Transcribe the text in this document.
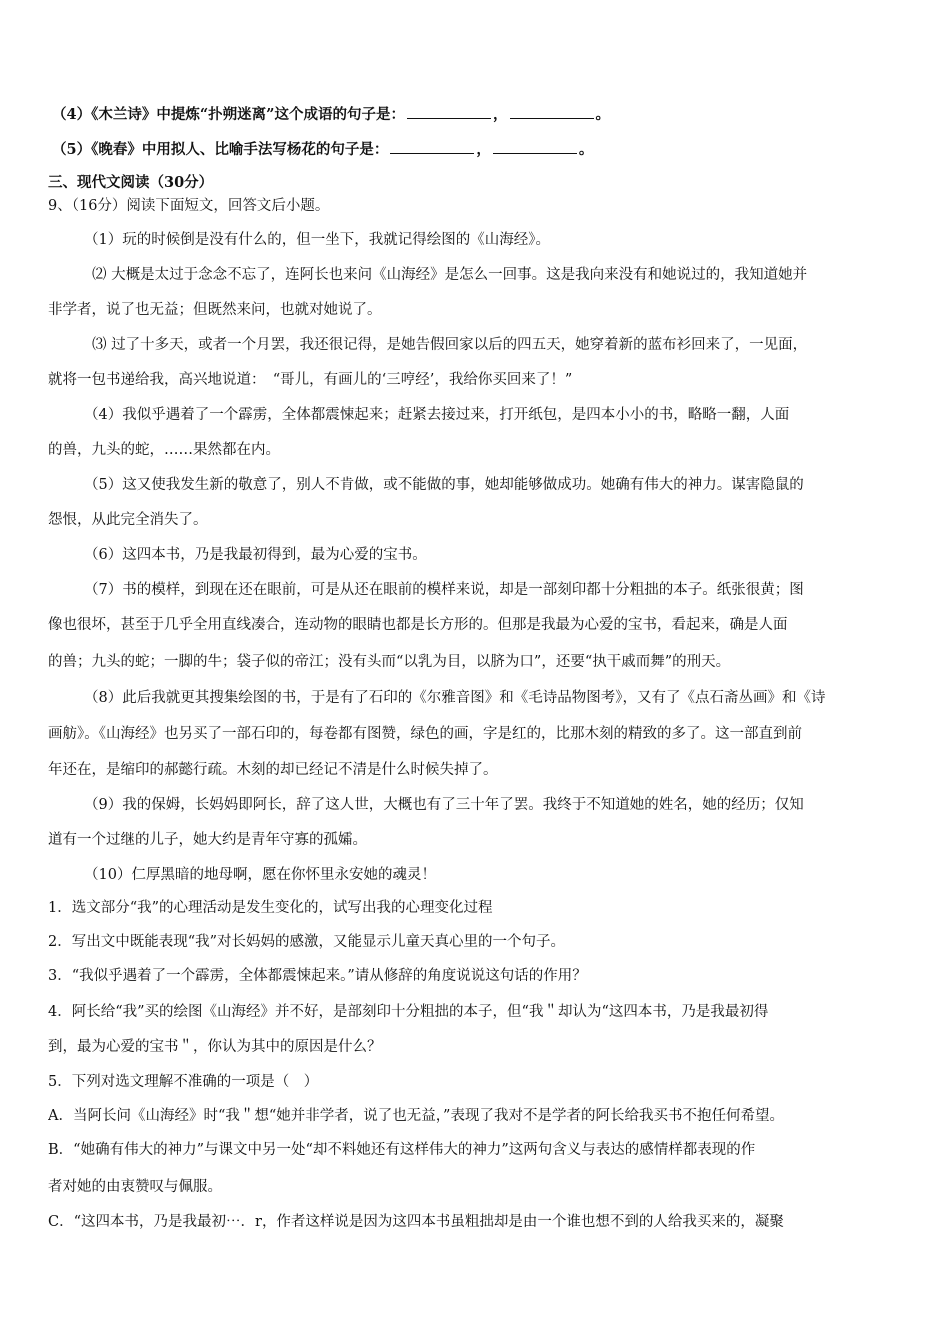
（4）《木兰诗》中提炼“扑朔迷离”这个成语的句子是：	，	。
（5）《晚春》中用拟人、比喻手法写杨花的句子是：	，	。
三、现代文阅读（30分）
9、（16分）阅读下面短文，回答文后小题。
（1）玩的时候倒是没有什么的，但一坐下，我就记得绘图的《山海经》。
⑵ 大概是太过于念念不忘了，连阿长也来问《山海经》是怎么一回事。这是我向来没有和她说过的，我知道她并
非学者，说了也无益；但既然来问，也就对她说了。
⑶ 过了十多天，或者一个月罢，我还很记得，是她告假回家以后的四五天，她穿着新的蓝布衫回来了，一见面，
就将一包书递给我，高兴地说道：　“哥儿，有画儿的‘三哼经’，我给你买回来了！”
（4）我似乎遇着了一个霹雳，全体都震悚起来；赶紧去接过来，打开纸包，是四本小小的书，略略一翻，人面
的兽，九头的蛇，……果然都在内。
（5）这又使我发生新的敬意了，别人不肯做，或不能做的事，她却能够做成功。她确有伟大的神力。谋害隐鼠的
怨恨，从此完全消失了。
（6）这四本书，乃是我最初得到，最为心爱的宝书。
（7）书的模样，到现在还在眼前，可是从还在眼前的模样来说，却是一部刻印都十分粗拙的本子。纸张很黄；图
像也很坏，甚至于几乎全用直线凑合，连动物的眼睛也都是长方形的。但那是我最为心爱的宝书，看起来，确是人面
的兽；九头的蛇；一脚的牛；袋子似的帝江；没有头而“以乳为目，以脐为口”，还要“执干戚而舞”的刑天。
（8）此后我就更其搜集绘图的书，于是有了石印的《尔雅音图》和《毛诗品物图考》，又有了《点石斋丛画》和《诗
画舫》。《山海经》也另买了一部石印的，每卷都有图赞，绿色的画，字是红的，比那木刻的精致的多了。这一部直到前
年还在，是缩印的郝懿行疏。木刻的却已经记不清是什么时候失掉了。
（9）我的保姆，长妈妈即阿长，辞了这人世，大概也有了三十年了罢。我终于不知道她的姓名，她的经历；仅知
道有一个过继的儿子，她大约是青年守寡的孤孀。
（10）仁厚黑暗的地母啊，愿在你怀里永安她的魂灵！
1．选文部分“我”的心理活动是发生变化的，试写出我的心理变化过程
2．写出文中既能表现“我”对长妈妈的感激，又能显示儿童天真心里的一个句子。
3．“我似乎遇着了一个霹雳，全体都震悚起来。”请从修辞的角度说说这句话的作用？
4．阿长给“我”买的绘图《山海经》并不好，是部刻印十分粗拙的本子，但“我＂却认为“这四本书，乃是我最初得
到，最为心爱的宝书＂，你认为其中的原因是什么？
5．下列对选文理解不准确的一项是（　）
A．当阿长问《山海经》时“我＂想“她并非学者，说了也无益，”表现了我对不是学者的阿长给我买书不抱任何希望。
B．“她确有伟大的神力”与课文中另一处“却不料她还有这样伟大的神力”这两句含义与表达的感情样都表现的作
者对她的由衷赞叹与佩服。
C．“这四本书，乃是我最初⋯．r，作者这样说是因为这四本书虽粗拙却是由一个谁也想不到的人给我买来的，凝聚
